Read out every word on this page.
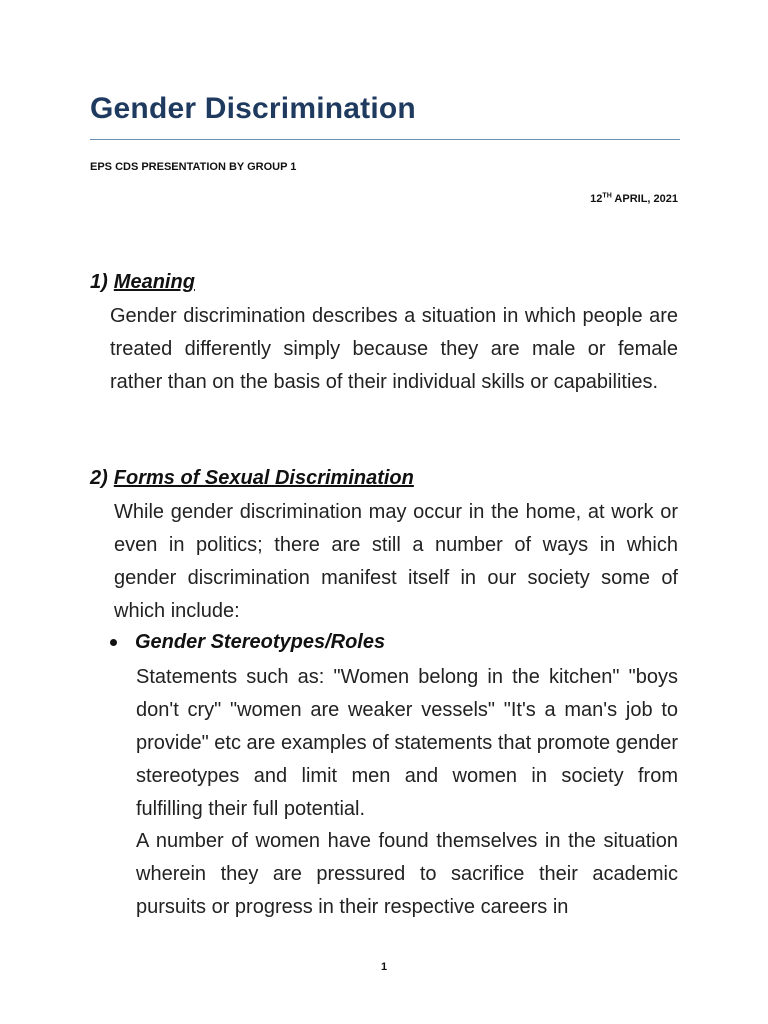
Gender Discrimination
EPS CDS PRESENTATION BY GROUP 1
12TH APRIL, 2021
1) Meaning

Gender discrimination describes a situation in which people are treated differently simply because they are male or female rather than on the basis of their individual skills or capabilities.

2) Forms of Sexual Discrimination

While gender discrimination may occur in the home, at work or even in politics; there are still a number of ways in which gender discrimination manifest itself in our society some of which include:

Gender Stereotypes/Roles

Statements such as: "Women belong in the kitchen" "boys don't cry" "women are weaker vessels" "It's a man's job to provide" etc are examples of statements that promote gender stereotypes and limit men and women in society from fulfilling their full potential.

A number of women have found themselves in the situation wherein they are pressured to sacrifice their academic pursuits or progress in their respective careers in

1
